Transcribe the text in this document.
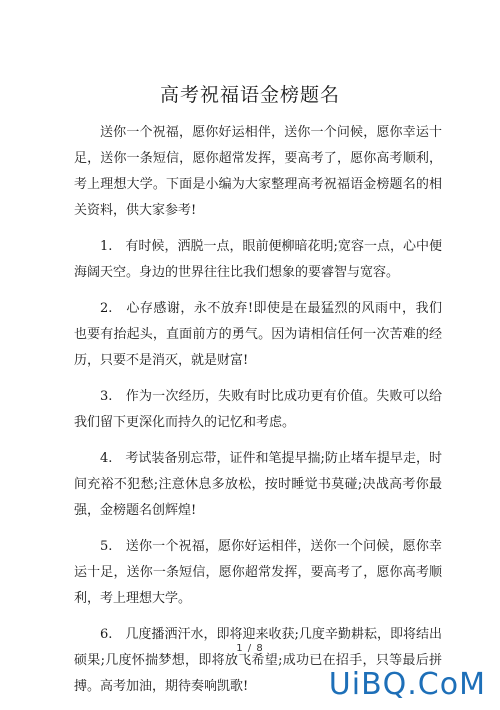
高考祝福语金榜题名

送你一个祝福，愿你好运相伴，送你一个问候，愿你幸运十足，送你一条短信，愿你超常发挥，要高考了，愿你高考顺利，考上理想大学。下面是小编为大家整理高考祝福语金榜题名的相关资料，供大家参考!

1.　有时候，洒脱一点，眼前便柳暗花明;宽容一点，心中便海阔天空。身边的世界往往比我们想象的要睿智与宽容。

2.　心存感谢，永不放弃!即使是在最猛烈的风雨中，我们也要有抬起头，直面前方的勇气。因为请相信任何一次苦难的经历，只要不是消灭，就是财富!

3.　作为一次经历，失败有时比成功更有价值。失败可以给我们留下更深化而持久的记忆和考虑。

4.　考试装备别忘带，证件和笔提早揣;防止堵车提早走，时间充裕不犯愁;注意休息多放松，按时睡觉书莫碰;决战高考你最强，金榜题名创辉煌!

5.　送你一个祝福，愿你好运相伴，送你一个问候，愿你幸运十足，送你一条短信，愿你超常发挥，要高考了，愿你高考顺利，考上理想大学。

6.　几度播洒汗水，即将迎来收获;几度辛勤耕耘，即将结出硕果;几度怀揣梦想，即将放飞希望;成功已在招手，只等最后拼搏。高考加油，期待奏响凯歌!

1 / 8
UiBQ.CoM
